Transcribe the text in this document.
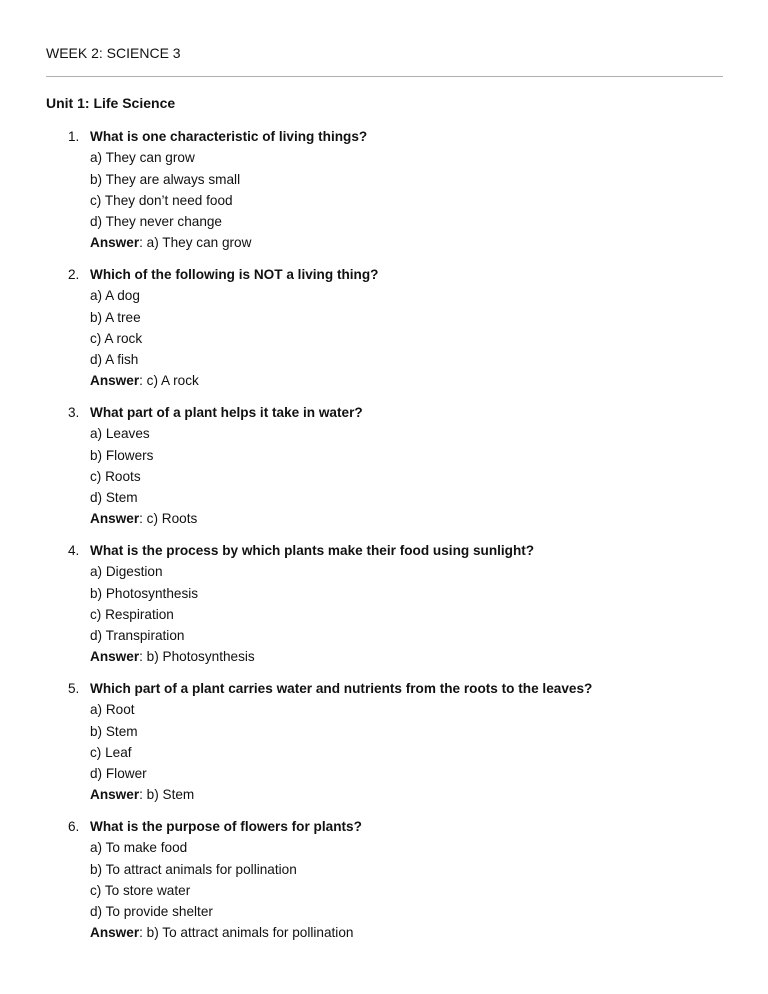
WEEK 2: SCIENCE 3
Unit 1: Life Science
1. What is one characteristic of living things?
a) They can grow
b) They are always small
c) They don’t need food
d) They never change
Answer: a) They can grow
2. Which of the following is NOT a living thing?
a) A dog
b) A tree
c) A rock
d) A fish
Answer: c) A rock
3. What part of a plant helps it take in water?
a) Leaves
b) Flowers
c) Roots
d) Stem
Answer: c) Roots
4. What is the process by which plants make their food using sunlight?
a) Digestion
b) Photosynthesis
c) Respiration
d) Transpiration
Answer: b) Photosynthesis
5. Which part of a plant carries water and nutrients from the roots to the leaves?
a) Root
b) Stem
c) Leaf
d) Flower
Answer: b) Stem
6. What is the purpose of flowers for plants?
a) To make food
b) To attract animals for pollination
c) To store water
d) To provide shelter
Answer: b) To attract animals for pollination
